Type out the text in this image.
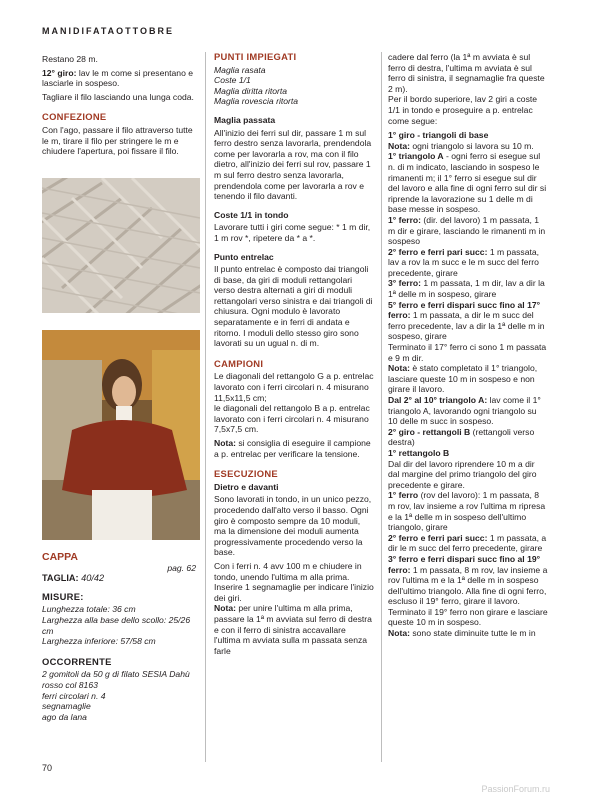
MANIDIFATAOTTOBRE

Restano 28 m.

12° giro: lav le m come si presentano e lasciarle in sospeso.

Tagliare il filo lasciando una lunga coda.

CONFEZIONE

Con l'ago, passare il filo attraverso tutte le m, tirare il filo per stringere le m e chiudere l'apertura, poi fissare il filo.

CAPPA

pag. 62

TAGLIA: 40/42

MISURE:

Lunghezza totale: 36 cm

Larghezza alla base dello scollo: 25/26 cm

Larghezza inferiore: 57/58 cm

OCCORRENTE

2 gomitoli da 50 g di filato SESIA Dahù rosso col 8163

ferri circolari n. 4

segnamaglie

ago da lana

PUNTI IMPIEGATI

Maglia rasata

Coste 1/1

Maglia diritta ritorta

Maglia rovescia ritorta

Maglia passata

All'inizio dei ferri sul dir, passare 1 m sul ferro destro senza lavorarla, prendendola come per lavorarla a rov, ma con il filo dietro, all'inizio dei ferri sul rov, passare 1 m sul ferro destro senza lavorarla, prendendola come per lavorarla a rov e tenendo il filo davanti.

Coste 1/1 in tondo

Lavorare tutti i giri come segue: * 1 m dir, 1 m rov *, ripetere da * a *.

Punto entrelac

Il punto entrelac è composto dai triangoli di base, da giri di moduli rettangolari verso destra alternati a giri di moduli rettangolari verso sinistra e dai triangoli di chiusura. Ogni modulo è lavorato separatamente e in ferri di andata e ritorno. I moduli dello stesso giro sono lavorati su un ugual n. di m.

CAMPIONI

Le diagonali del rettangolo G a p. entrelac lavorato con i ferri circolari n. 4 misurano 11,5x11,5 cm;

le diagonali del rettangolo B a p. entrelac lavorato con i ferri circolari n. 4 misurano 7,5x7,5 cm.

Nota: si consiglia di eseguire il campione a p. entrelac per verificare la tensione.

ESECUZIONE
Dietro e davanti

Sono lavorati in tondo, in un unico pezzo, procedendo dall'alto verso il basso. Ogni giro è composto sempre da 10 moduli, ma la dimensione dei moduli aumenta progressivamente procedendo verso la base.

Con i ferri n. 4 avv 100 m e chiudere in tondo, unendo l'ultima m alla prima. Inserire 1 segnamaglie per indicare l'inizio dei giri.

Nota: per unire l'ultima m alla prima, passare la 1ª m avviata sul ferro di destra e con il ferro di sinistra accavallare l'ultima m avviata sulla m passata senza farle

cadere dal ferro (la 1ª m avviata è sul ferro di destra, l'ultima m avviata è sul ferro di sinistra, il segnamaglie fra queste 2 m).

Per il bordo superiore, lav 2 giri a coste 1/1 in tondo e proseguire a p. entrelac come segue:

1° giro - triangoli di base

Nota: ogni triangolo si lavora su 10 m.

1° triangolo A - ogni ferro si esegue sul n. di m indicato, lasciando in sospeso le rimanenti m; il 1° ferro si esegue sul dir del lavoro e alla fine di ogni ferro sul dir si riprende la lavorazione su 1 delle m di base messe in sospeso.

1° ferro: (dir. del lavoro) 1 m passata, 1 m dir e girare, lasciando le rimanenti m in sospeso

2° ferro e ferri pari succ: 1 m passata, lav a rov la m succ e le m succ del ferro precedente, girare

3° ferro: 1 m passata, 1 m dir, lav a dir la 1ª delle m in sospeso, girare

5° ferro e ferri dispari succ fino al 17° ferro: 1 m passata, a dir le m succ del ferro precedente, lav a dir la 1ª delle m in sospeso, girare

Terminato il 17° ferro ci sono 1 m passata e 9 m dir.

Nota: è stato completato il 1° triangolo, lasciare queste 10 m in sospeso e non girare il lavoro.

Dal 2° al 10° triangolo A: lav come il 1° triangolo A, lavorando ogni triangolo su 10 delle m succ in sospeso.

2° giro - rettangoli B (rettangoli verso destra)

1° rettangolo B

Dal dir del lavoro riprendere 10 m a dir dal margine del primo triangolo del giro precedente e girare.

1° ferro (rov del lavoro): 1 m passata, 8 m rov, lav insieme a rov l'ultima m ripresa e la 1ª delle m in sospeso dell'ultimo triangolo, girare

2° ferro e ferri pari succ: 1 m passata, a dir le m succ del ferro precedente, girare

3° ferro e ferri dispari succ fino al 19° ferro: 1 m passata, 8 m rov, lav insieme a rov l'ultima m e la 1ª delle m in sospeso dell'ultimo triangolo. Alla fine di ogni ferro, escluso il 19° ferro, girare il lavoro.

Terminato il 19° ferro non girare e lasciare queste 10 m in sospeso.

Nota: sono state diminuite tutte le m in

70
PassionForum.ru
